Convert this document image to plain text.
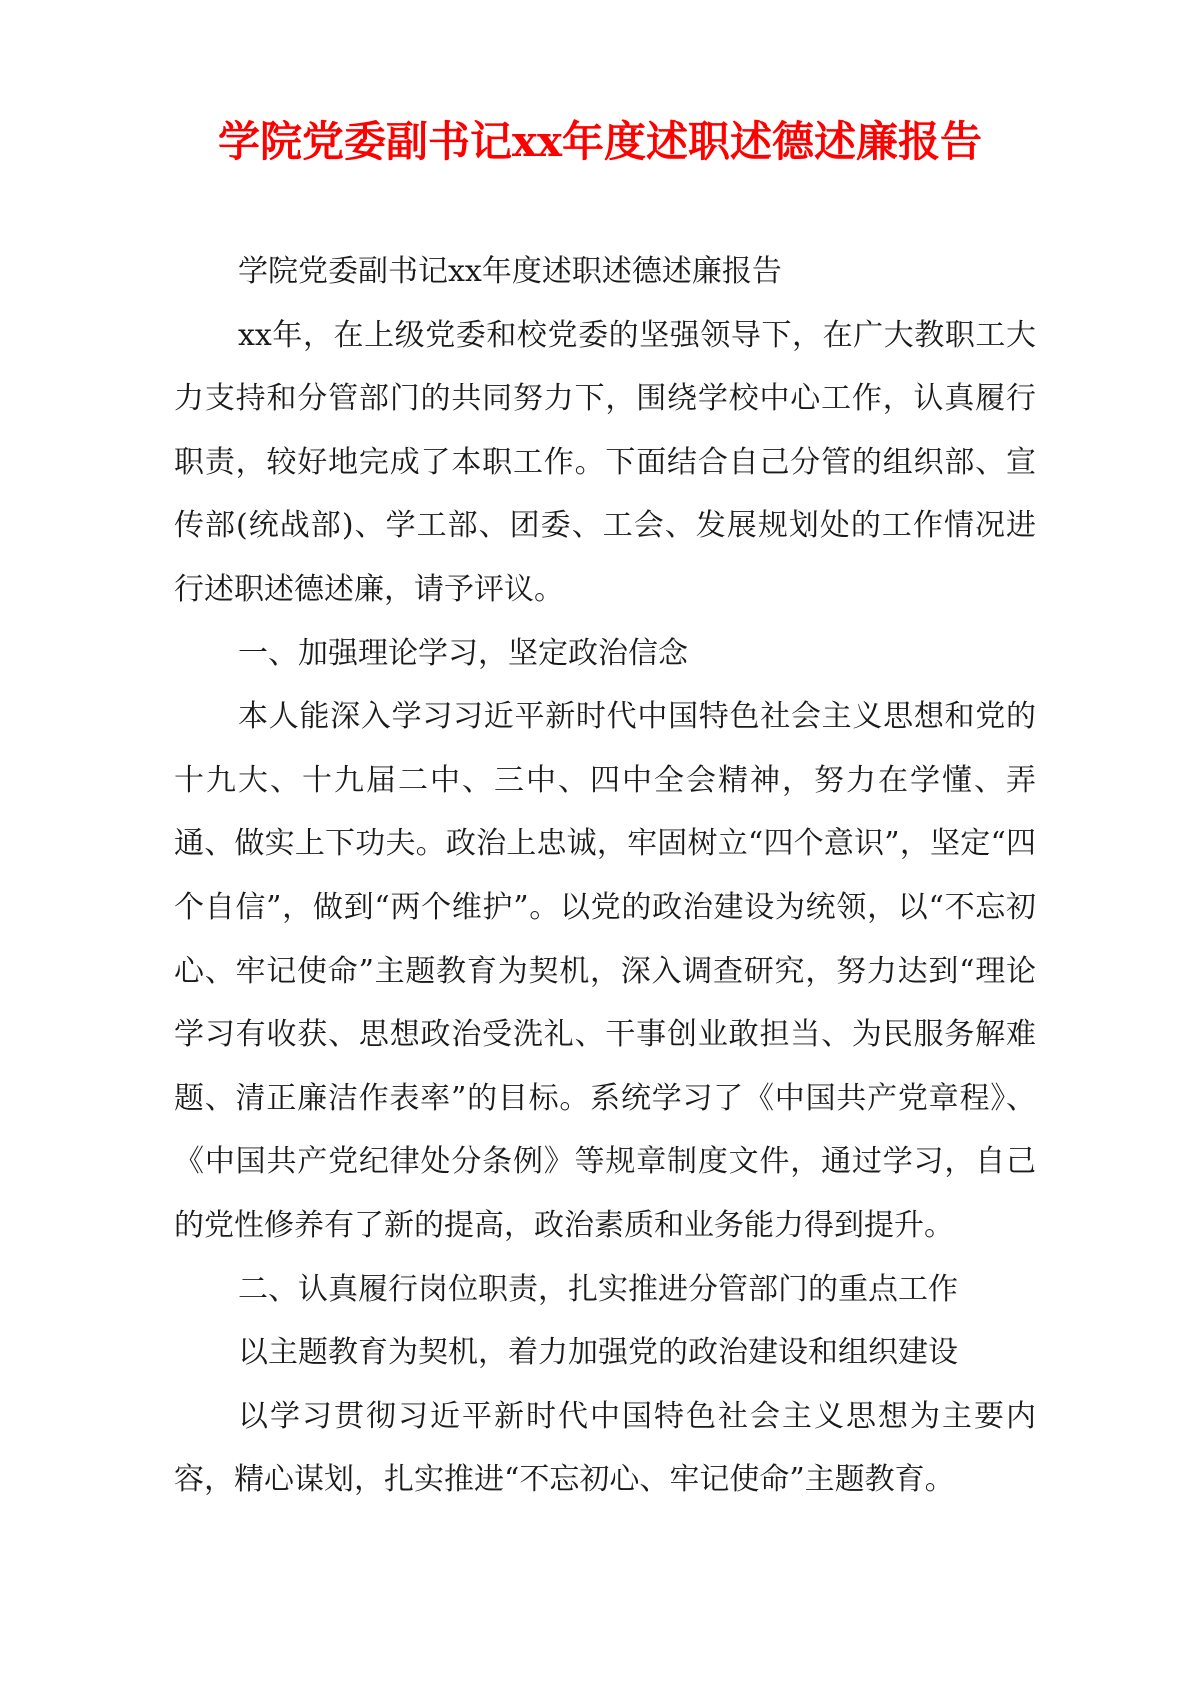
学院党委副书记xx年度述职述德述廉报告

学院党委副书记xx年度述职述德述廉报告

xx年，在上级党委和校党委的坚强领导下，在广大教职工大力支持和分管部门的共同努力下，围绕学校中心工作，认真履行职责，较好地完成了本职工作。下面结合自己分管的组织部、宣传部(统战部)、学工部、团委、工会、发展规划处的工作情况进行述职述德述廉，请予评议。

一、加强理论学习，坚定政治信念

本人能深入学习习近平新时代中国特色社会主义思想和党的十九大、十九届二中、三中、四中全会精神，努力在学懂、弄通、做实上下功夫。政治上忠诚，牢固树立“四个意识”，坚定“四个自信”，做到“两个维护”。以党的政治建设为统领，以“不忘初心、牢记使命”主题教育为契机，深入调查研究，努力达到“理论学习有收获、思想政治受洗礼、干事创业敢担当、为民服务解难题、清正廉洁作表率”的目标。系统学习了《中国共产党章程》、《中国共产党纪律处分条例》等规章制度文件，通过学习，自己的党性修养有了新的提高，政治素质和业务能力得到提升。

二、认真履行岗位职责，扎实推进分管部门的重点工作

以主题教育为契机，着力加强党的政治建设和组织建设

以学习贯彻习近平新时代中国特色社会主义思想为主要内容，精心谋划，扎实推进“不忘初心、牢记使命”主题教育。
